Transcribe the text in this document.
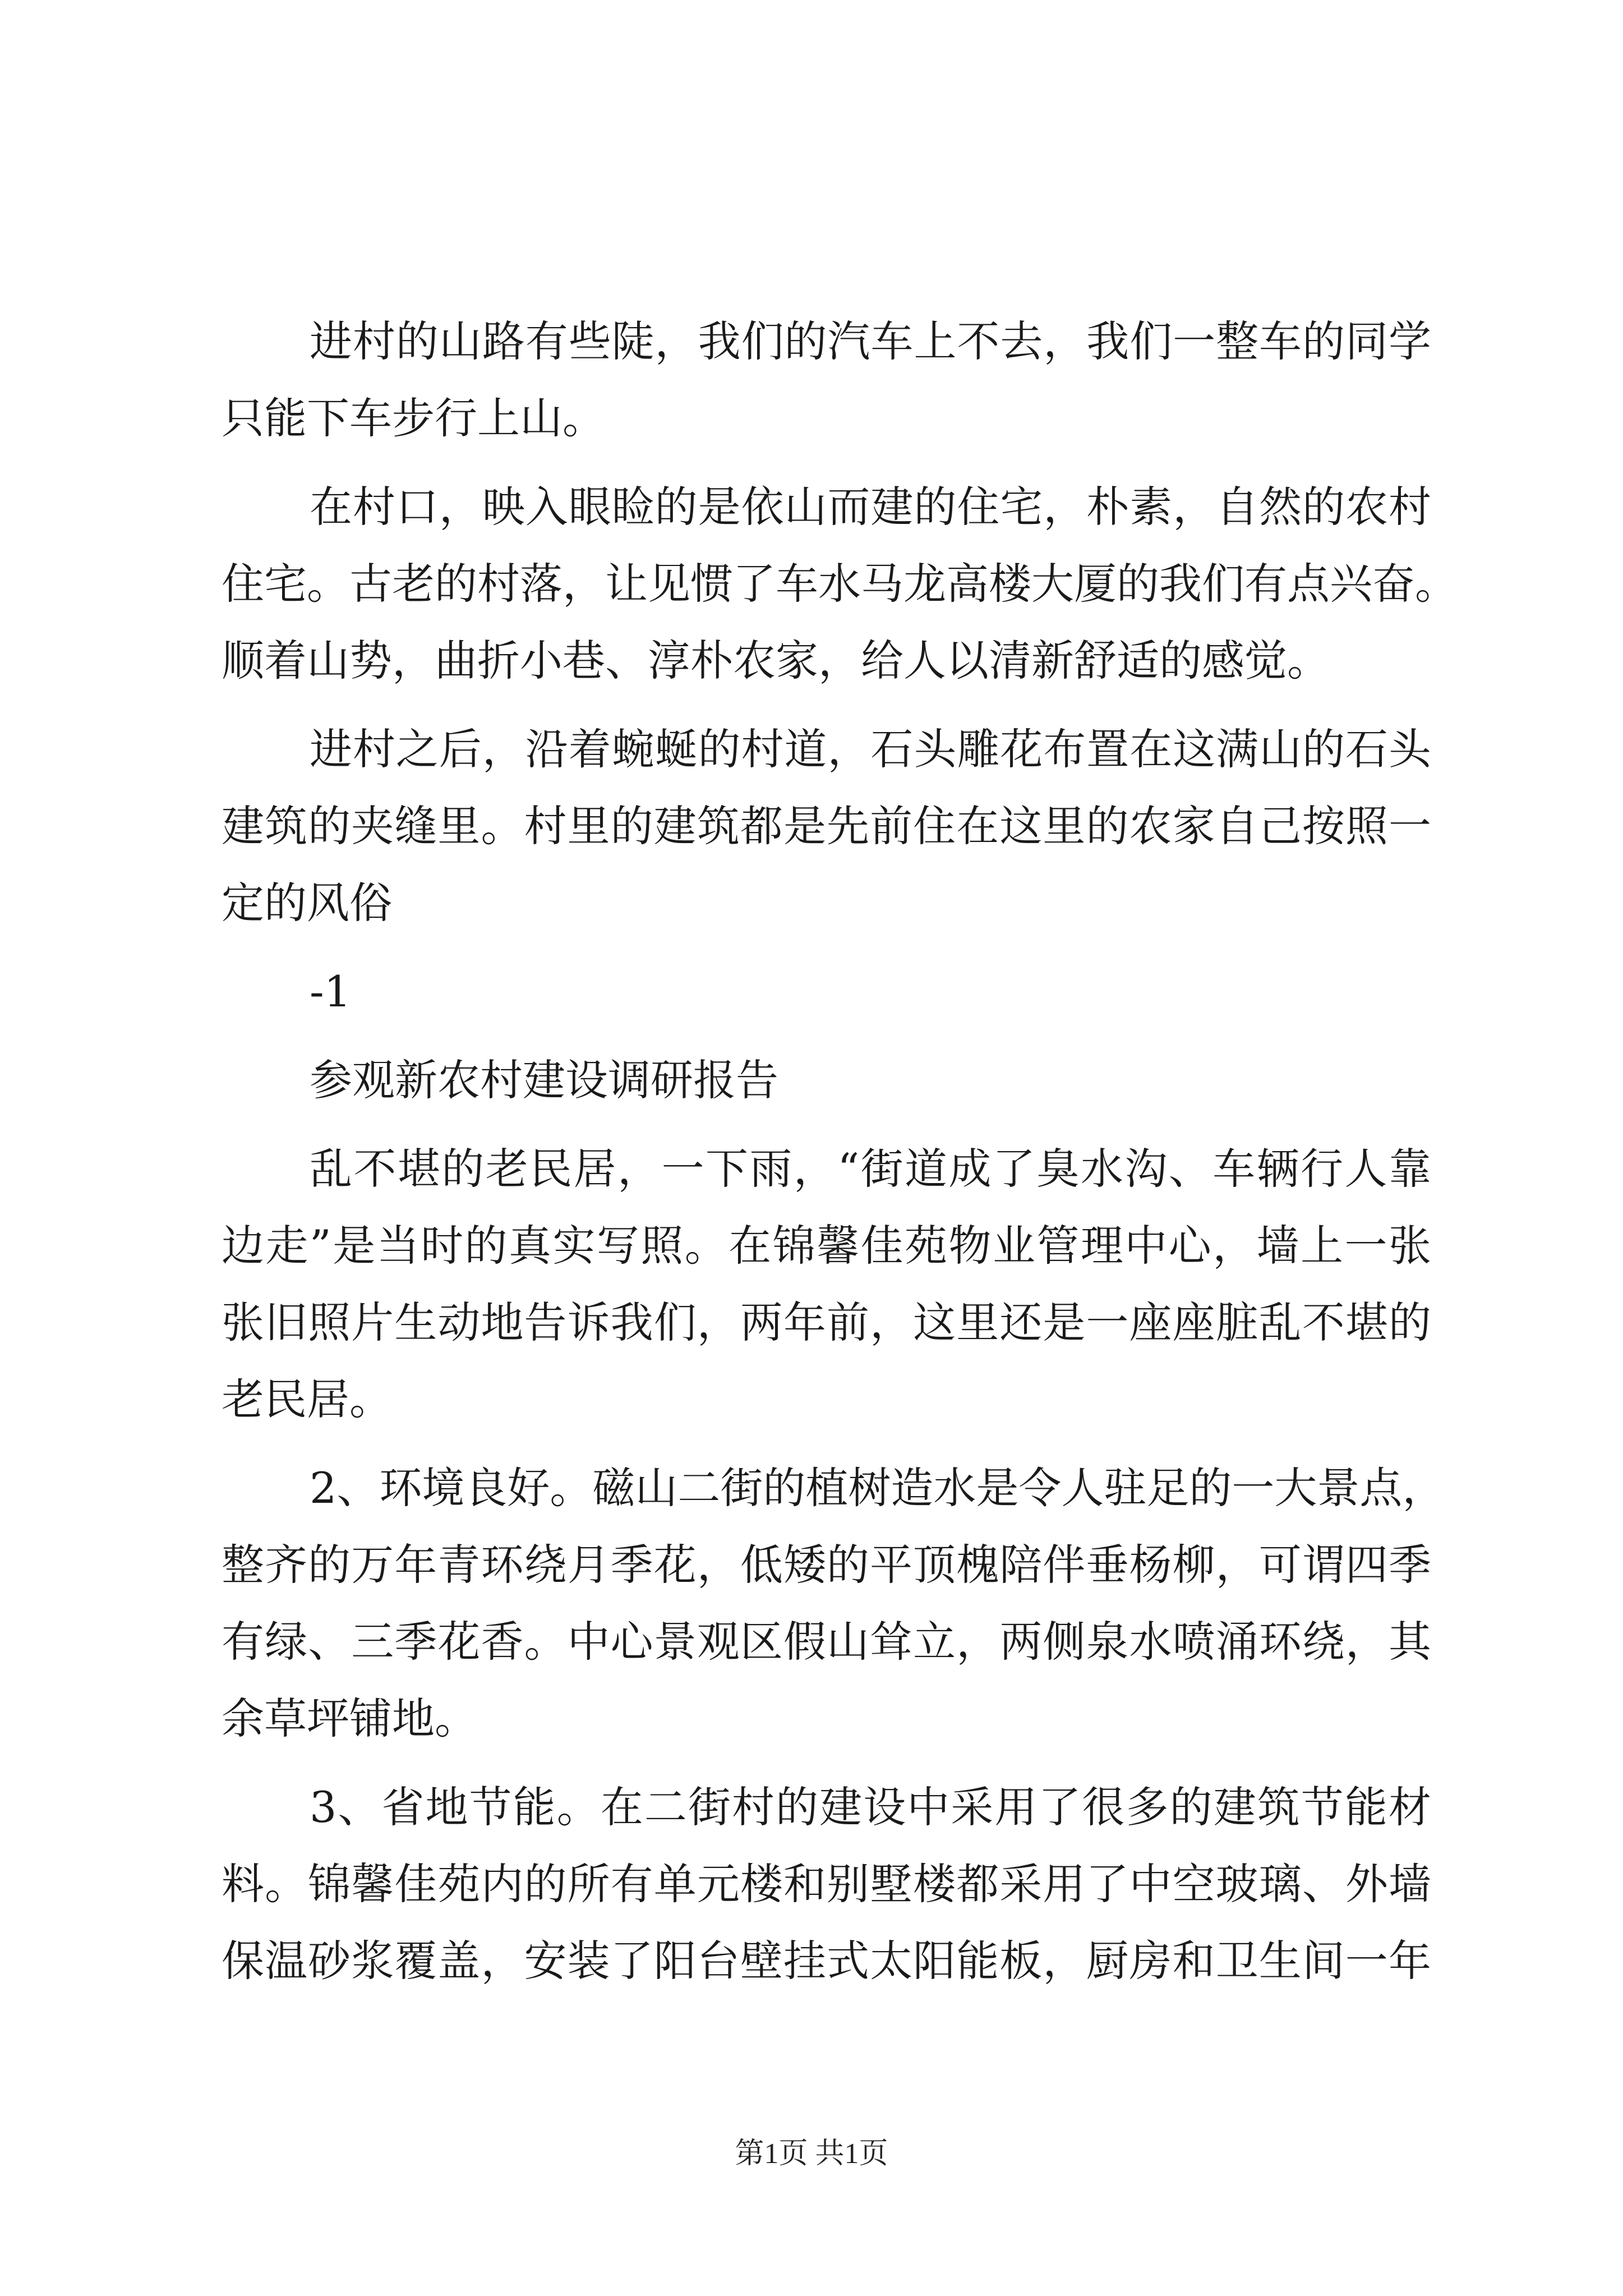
进村的山路有些陡，我们的汽车上不去，我们一整车的同学
只能下车步行上山。
在村口，映入眼睑的是依山而建的住宅，朴素，自然的农村
住宅。古老的村落，让见惯了车水马龙高楼大厦的我们有点兴奋。
顺着山势，曲折小巷、淳朴农家，给人以清新舒适的感觉。
进村之后，沿着蜿蜒的村道，石头雕花布置在这满山的石头
建筑的夹缝里。村里的建筑都是先前住在这里的农家自己按照一
定的风俗
-1
参观新农村建设调研报告
乱不堪的老民居，一下雨，“街道成了臭水沟、车辆行人靠
边走”是当时的真实写照。在锦馨佳苑物业管理中心，墙上一张
张旧照片生动地告诉我们，两年前，这里还是一座座脏乱不堪的
老民居。
2、环境良好。磁山二街的植树造水是令人驻足的一大景点，
整齐的万年青环绕月季花，低矮的平顶槐陪伴垂杨柳，可谓四季
有绿、三季花香。中心景观区假山耸立，两侧泉水喷涌环绕，其
余草坪铺地。
3、省地节能。在二街村的建设中采用了很多的建筑节能材
料。锦馨佳苑内的所有单元楼和别墅楼都采用了中空玻璃、外墙
保温砂浆覆盖，安装了阳台壁挂式太阳能板，厨房和卫生间一年
第1页 共1页
